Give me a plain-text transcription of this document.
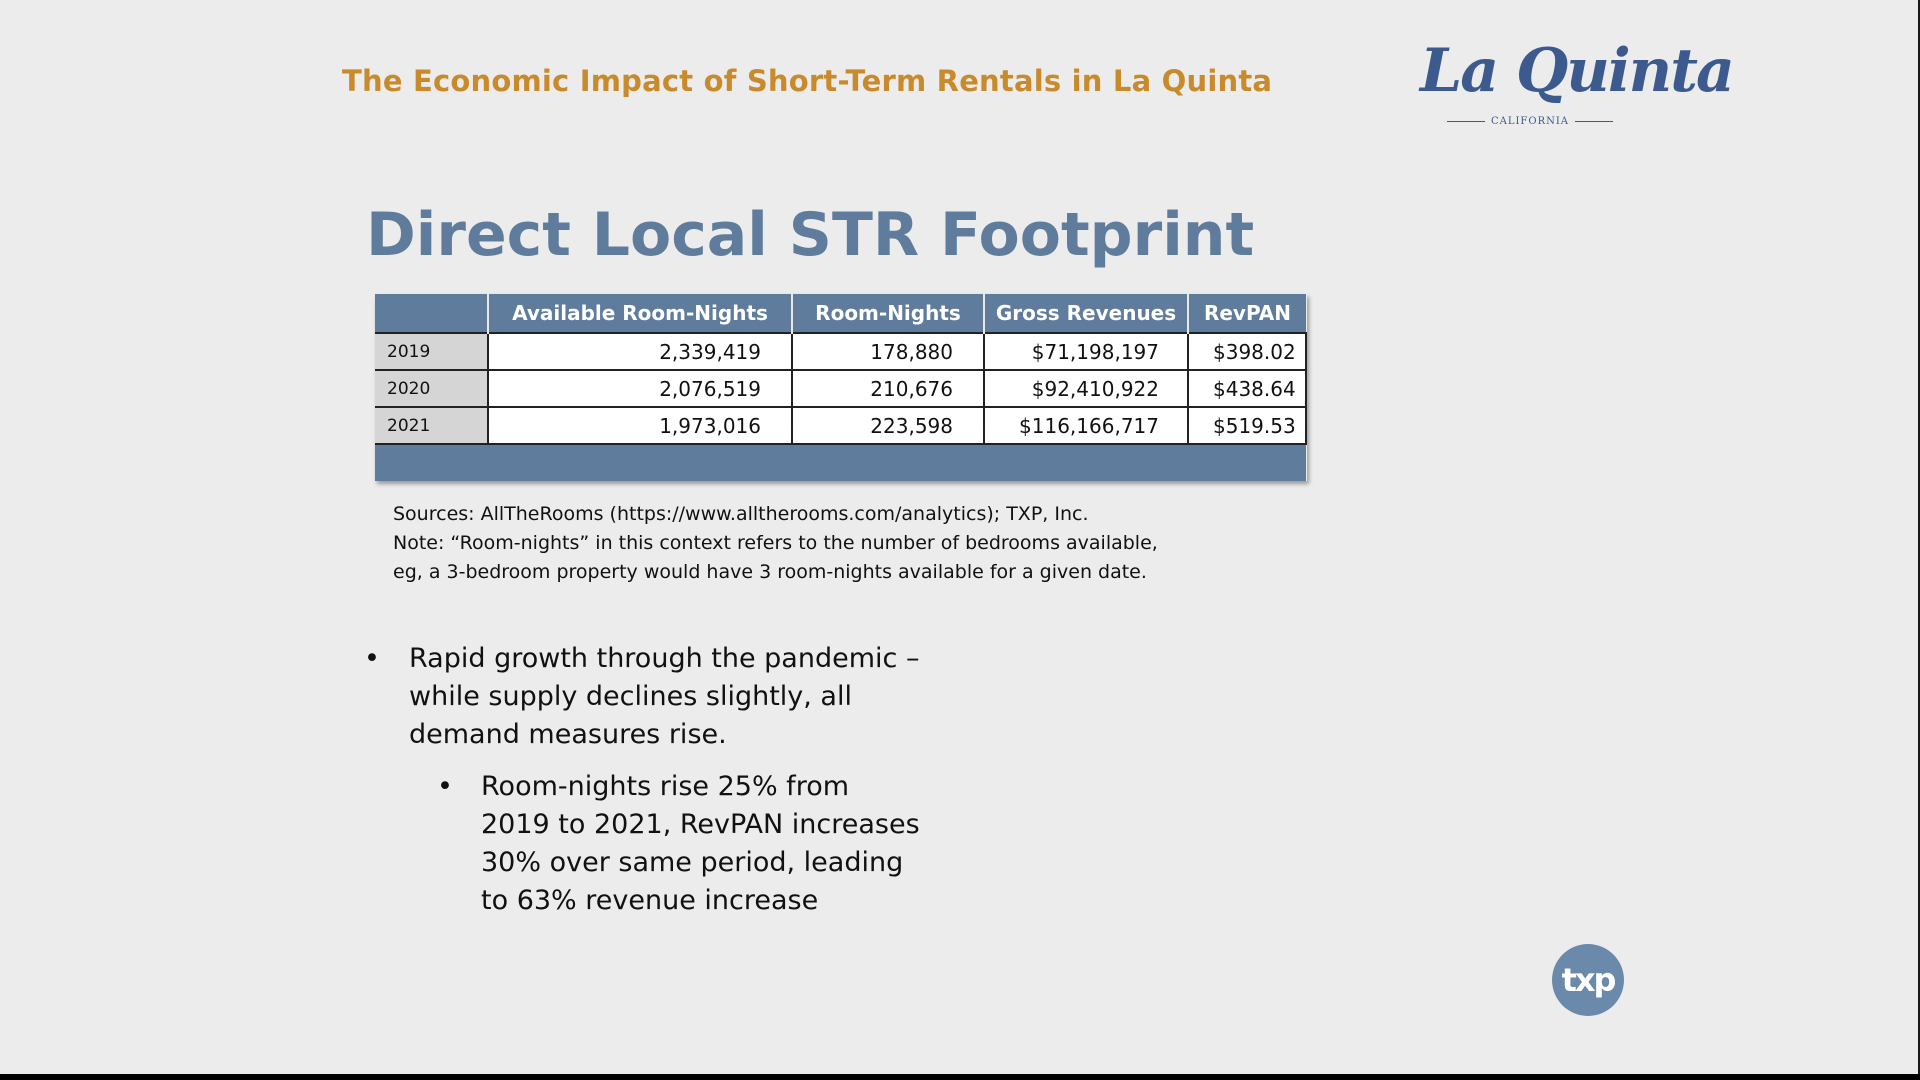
The Economic Impact of Short-Term Rentals in La Quinta La Quinta
CALIFORNIA
Direct Local STR Footprint
	Available Room-Nights	Room-Nights	Gross Revenues	RevPAN
2019	2,339,419	178,880	$71,198,197	$398.02
2020	2,076,519	210,676	$92,410,922	$438.64
2021	1,973,016	223,598	$116,166,717	$519.53

Sources: AllTheRooms (https://www.alltherooms.com/analytics); TXP, Inc.
Note: “Room-nights” in this context refers to the number of bedrooms available,
eg, a 3-bedroom property would have 3 room-nights available for a given date.
•	Rapid growth through the pandemic – while supply declines slightly, all demand measures rise.
•	Room-nights rise 25% from 2019 to 2021, RevPAN increases 30% over same period, leading to 63% revenue increase
txp
